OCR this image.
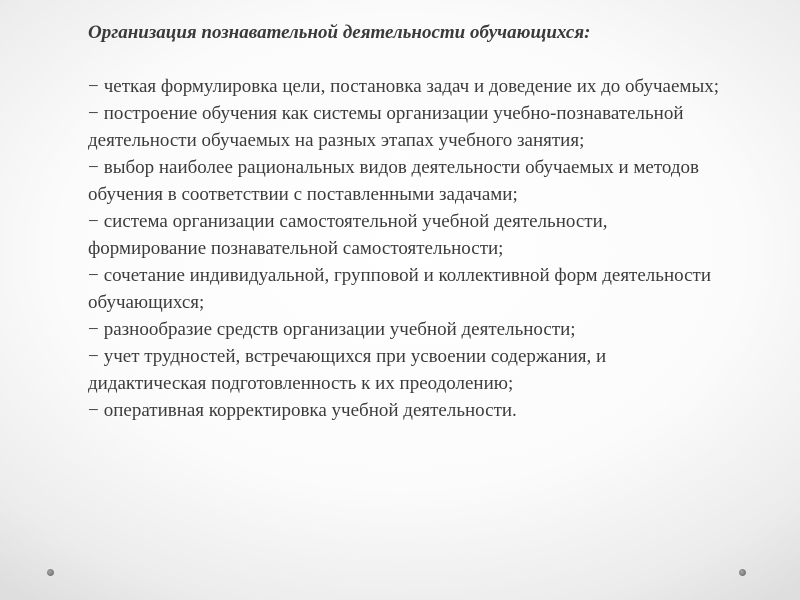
Организация познавательной деятельности обучающихся:

− четкая формулировка цели, постановка задач и доведение их до обучаемых;
− построение обучения как системы организации учебно-познавательной деятельности обучаемых на разных этапах учебного занятия;
− выбор наиболее рациональных видов деятельности обучаемых и методов обучения в соответствии с поставленными задачами;
− система организации самостоятельной учебной деятельности, формирование познавательной самостоятельности;
− сочетание индивидуальной, групповой и коллективной форм деятельности обучающихся;
− разнообразие средств организации учебной деятельности;
− учет трудностей, встречающихся при усвоении содержания, и дидактическая подготовленность к их преодолению;
− оперативная корректировка учебной деятельности.
